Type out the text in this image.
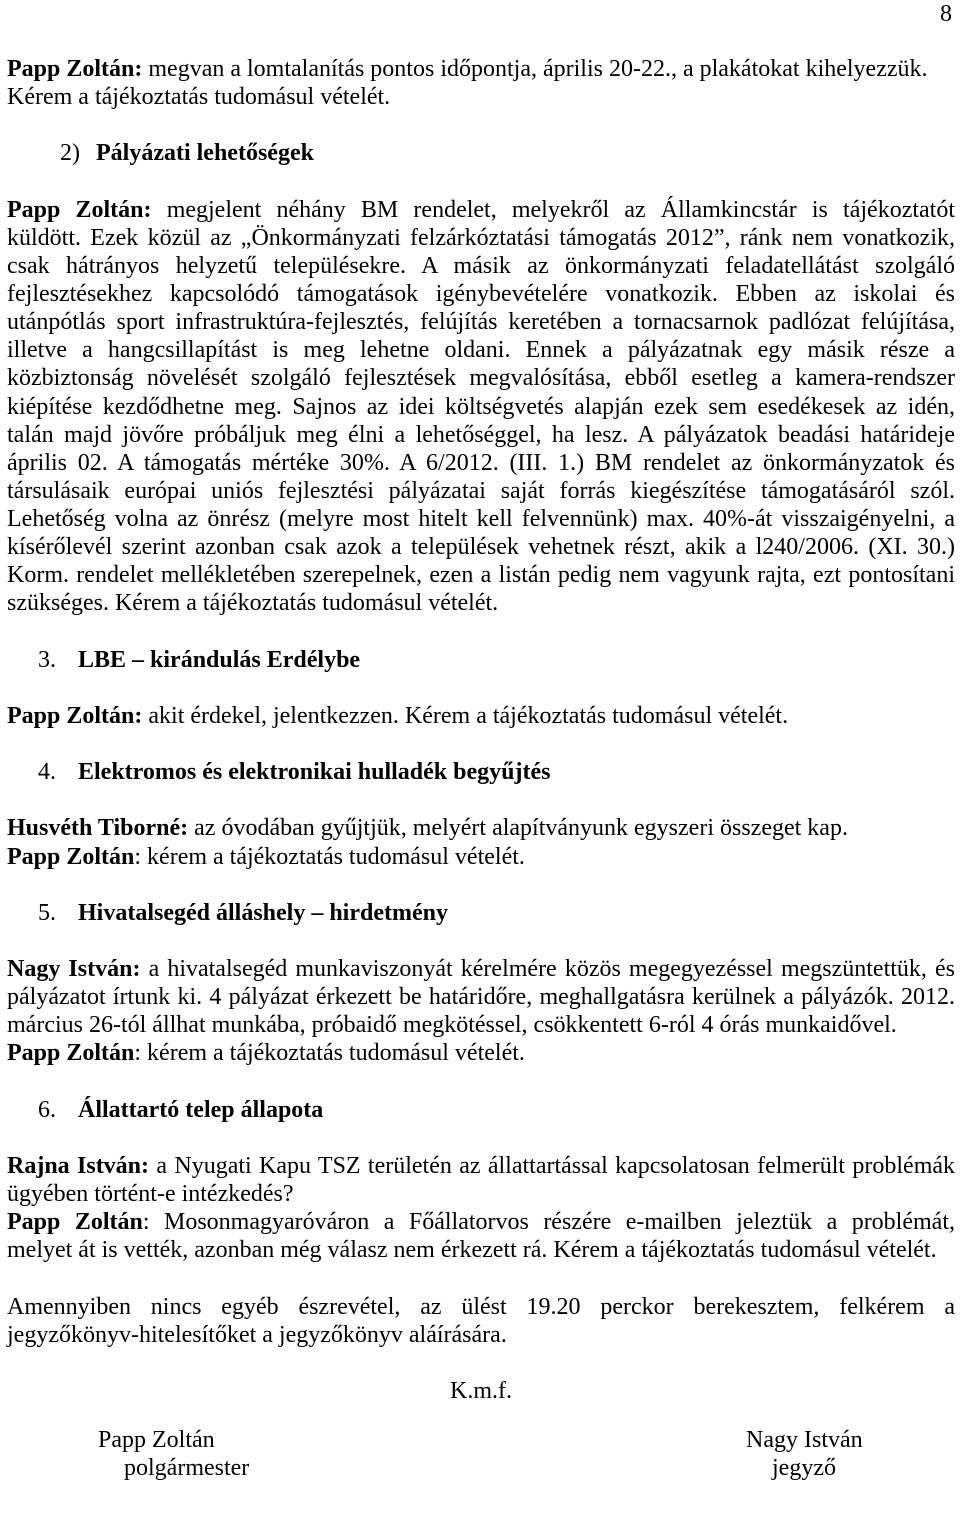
8
Papp Zoltán: megvan a lomtalanítás pontos időpontja, április 20-22., a plakátokat kihelyezzük.
Kérem a tájékoztatás tudomásul vételét.
2) Pályázati lehetőségek
Papp Zoltán: megjelent néhány BM rendelet, melyekről az Államkincstár is tájékoztatót
küldött. Ezek közül az „Önkormányzati felzárkóztatási támogatás 2012”, ránk nem vonatkozik,
csak hátrányos helyzetű településekre. A másik az önkormányzati feladatellátást szolgáló
fejlesztésekhez kapcsolódó támogatások igénybevételére vonatkozik. Ebben az iskolai és
utánpótlás sport infrastruktúra-fejlesztés, felújítás keretében a tornacsarnok padlózat felújítása,
illetve a hangcsillapítást is meg lehetne oldani. Ennek a pályázatnak egy másik része a
közbiztonság növelését szolgáló fejlesztések megvalósítása, ebből esetleg a kamera-rendszer
kiépítése kezdődhetne meg. Sajnos az idei költségvetés alapján ezek sem esedékesek az idén,
talán majd jövőre próbáljuk meg élni a lehetőséggel, ha lesz. A pályázatok beadási határideje
április 02. A támogatás mértéke 30%. A 6/2012. (III. 1.) BM rendelet az önkormányzatok és
társulásaik európai uniós fejlesztési pályázatai saját forrás kiegészítése támogatásáról szól.
Lehetőség volna az önrész (melyre most hitelt kell felvennünk) max. 40%-át visszaigényelni, a
kísérőlevél szerint azonban csak azok a települések vehetnek részt, akik a l240/2006. (XI. 30.)
Korm. rendelet mellékletében szerepelnek, ezen a listán pedig nem vagyunk rajta, ezt pontosítani
szükséges. Kérem a tájékoztatás tudomásul vételét.
3. LBE – kirándulás Erdélybe
Papp Zoltán: akit érdekel, jelentkezzen. Kérem a tájékoztatás tudomásul vételét.
4. Elektromos és elektronikai hulladék begyűjtés
Husvéth Tiborné: az óvodában gyűjtjük, melyért alapítványunk egyszeri összeget kap.
Papp Zoltán: kérem a tájékoztatás tudomásul vételét.
5. Hivatalsegéd álláshely – hirdetmény
Nagy István: a hivatalsegéd munkaviszonyát kérelmére közös megegyezéssel megszüntettük, és
pályázatot írtunk ki. 4 pályázat érkezett be határidőre, meghallgatásra kerülnek a pályázók. 2012.
március 26-tól állhat munkába, próbaidő megkötéssel, csökkentett 6-ról 4 órás munkaidővel.
Papp Zoltán: kérem a tájékoztatás tudomásul vételét.
6. Állattartó telep állapota
Rajna István: a Nyugati Kapu TSZ területén az állattartással kapcsolatosan felmerült problémák
ügyében történt-e intézkedés?
Papp Zoltán: Mosonmagyaróváron a Főállatorvos részére e-mailben jeleztük a problémát,
melyet át is vették, azonban még válasz nem érkezett rá. Kérem a tájékoztatás tudomásul vételét.
Amennyiben nincs egyéb észrevétel, az ülést 19.20 perckor berekesztem, felkérem a
jegyzőkönyv-hitelesítőket a jegyzőkönyv aláírására.
K.m.f.
Papp Zoltán
polgármester
Nagy István
jegyző
